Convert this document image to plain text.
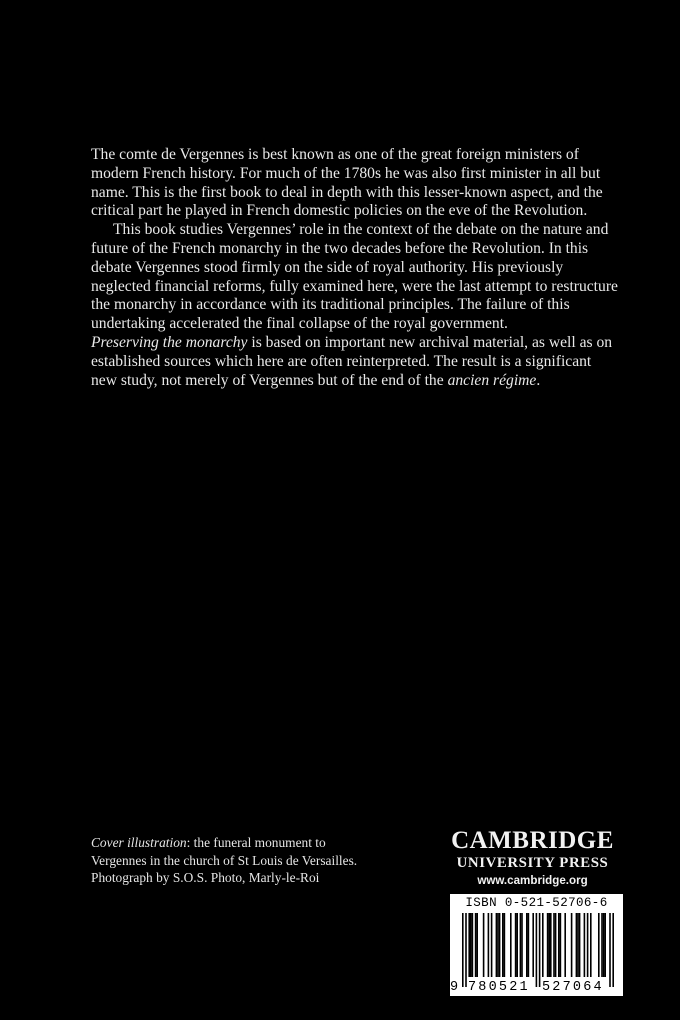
The comte de Vergennes is best known as one of the great foreign ministers of modern French history. For much of the 1780s he was also first minister in all but name. This is the first book to deal in depth with this lesser-known aspect, and the critical part he played in French domestic policies on the eve of the Revolution.

This book studies Vergennes’ role in the context of the debate on the nature and future of the French monarchy in the two decades before the Revolution. In this debate Vergennes stood firmly on the side of royal authority. His previously neglected financial reforms, fully examined here, were the last attempt to restructure the monarchy in accordance with its traditional principles. The failure of this undertaking accelerated the final collapse of the royal government.

Preserving the monarchy is based on important new archival material, as well as on established sources which here are often reinterpreted. The result is a significant new study, not merely of Vergennes but of the end of the ancien régime.

Cover illustration: the funeral monument to
Vergennes in the church of St Louis de Versailles.
Photograph by S.O.S. Photo, Marly-le-Roi
CAMBRIDGE
UNIVERSITY PRESS
www.cambridge.org
ISBN 0-521-52706-6
9 780521 527064
